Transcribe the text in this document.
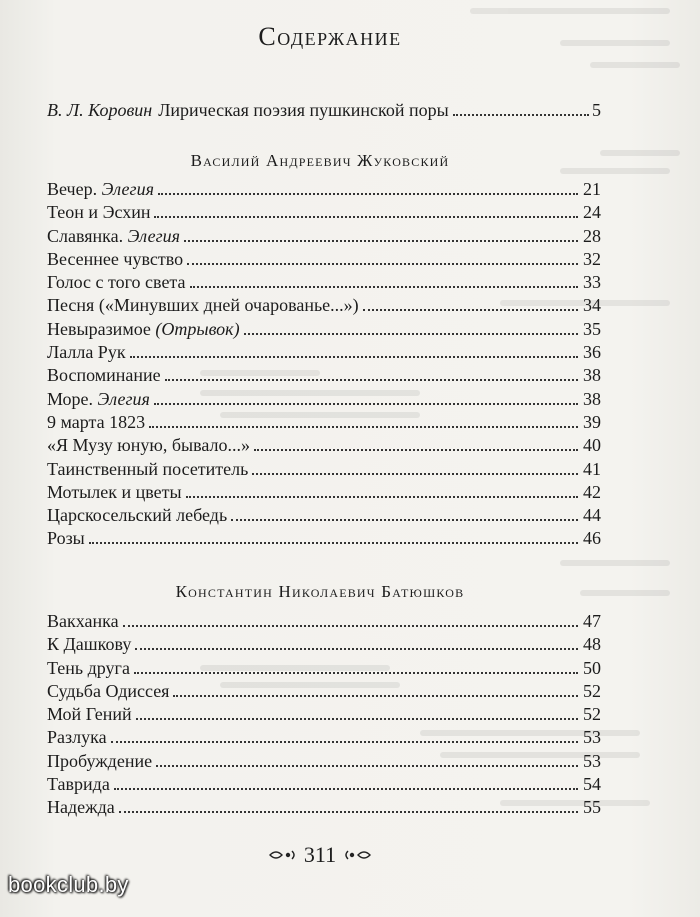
Содержание
В. Л. Коровин Лирическая поэзия пушкинской поры	5
Василий Андреевич Жуковский
Вечер. Элегия	21
Теон и Эсхин	24
Славянка. Элегия	28
Весеннее чувство	32
Голос с того света	33
Песня («Минувших дней очарованье...»)	34
Невыразимое (Отрывок)	35
Лалла Рук	36
Воспоминание	38
Море. Элегия	38
9 марта 1823	39
«Я Музу юную, бывало...»	40
Таинственный посетитель	41
Мотылек и цветы	42
Царскосельский лебедь	44
Розы	46
Константин Николаевич Батюшков
Вакханка	47
К Дашкову	48
Тень друга	50
Судьба Одиссея	52
Мой Гений	52
Разлука	53
Пробуждение	53
Таврида	54
Надежда	55
311
bookclub.by
